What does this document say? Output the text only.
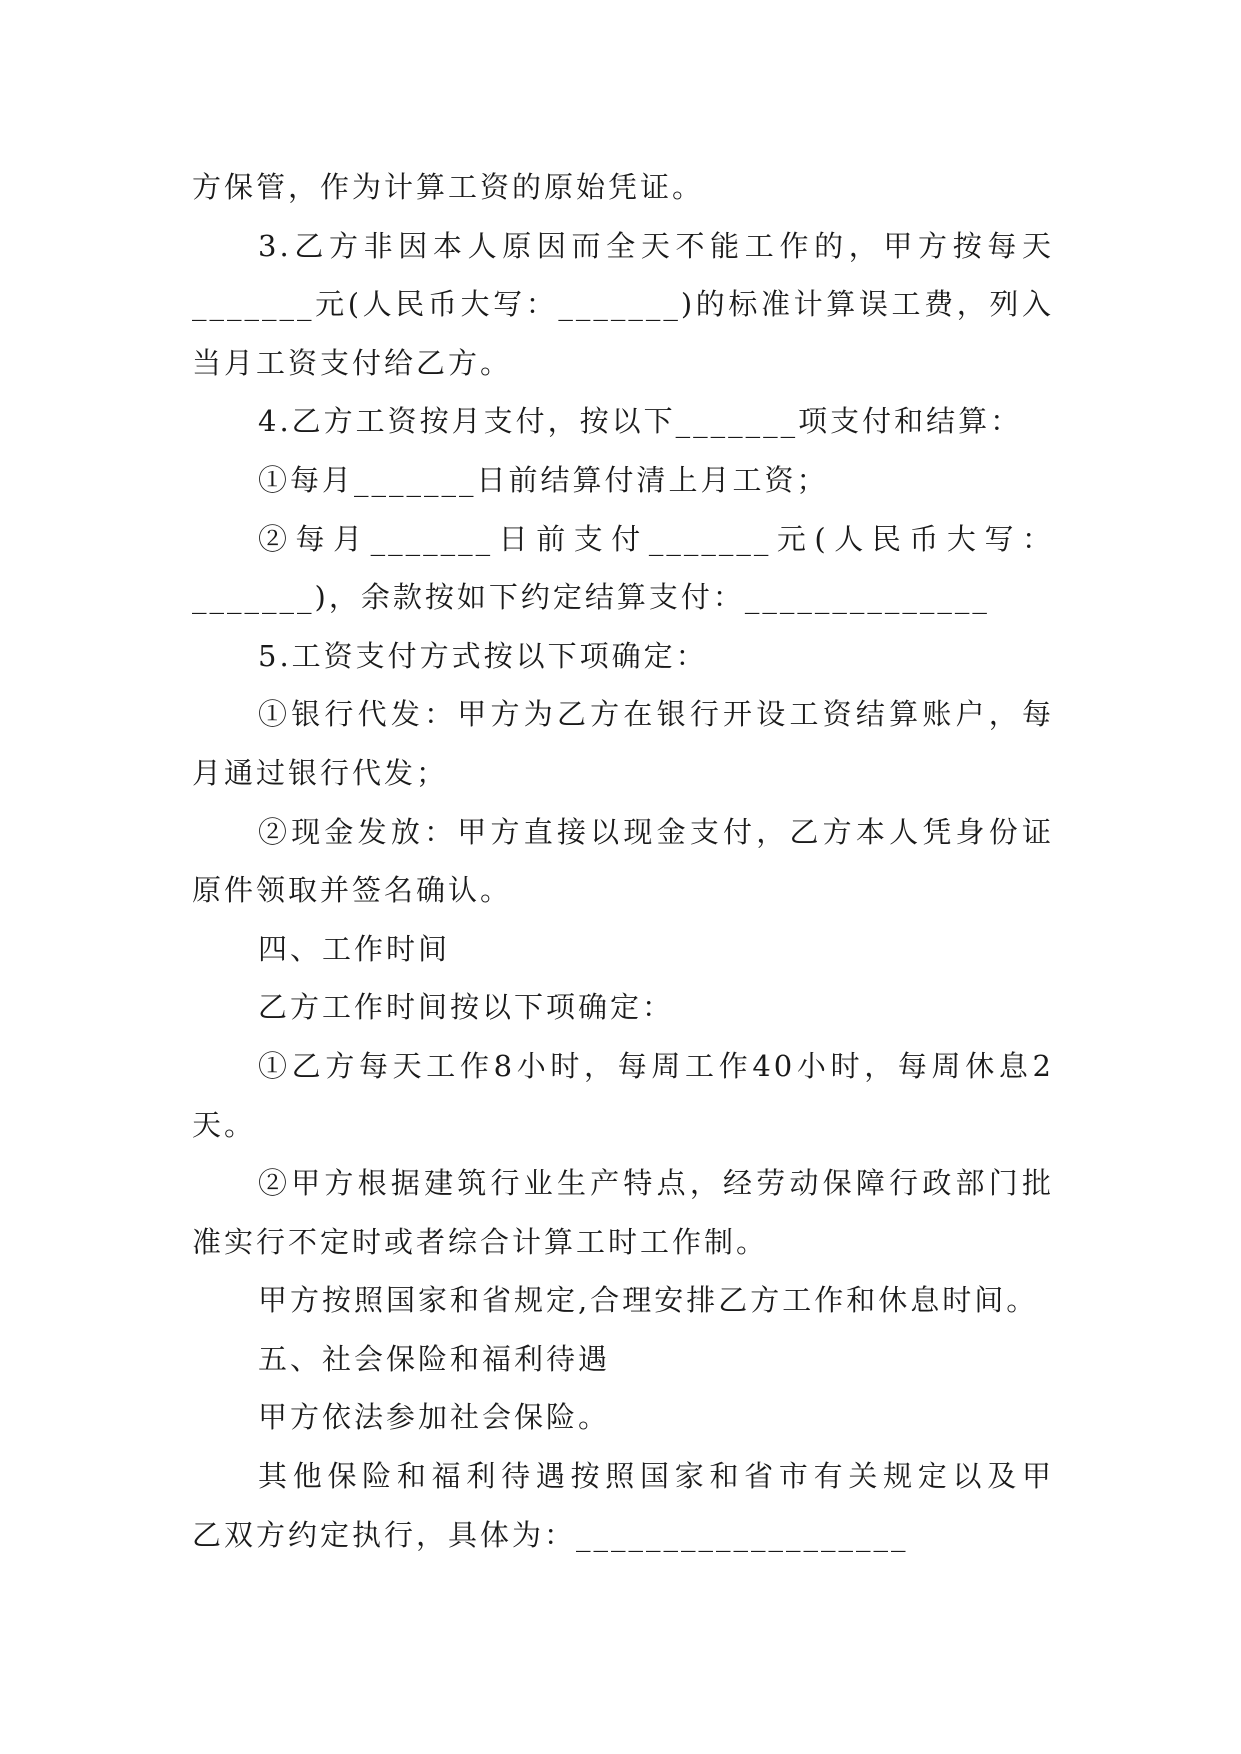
方保管，作为计算工资的原始凭证。
3.乙方非因本人原因而全天不能工作的，甲方按每天
_______元(人民币大写：_______)的标准计算误工费，列入
当月工资支付给乙方。
4.乙方工资按月支付，按以下_______项支付和结算：
①每月_______日前结算付清上月工资；
②每月_______日前支付_______元(人民币大写：
_______)，余款按如下约定结算支付：______________
5.工资支付方式按以下项确定：
①银行代发：甲方为乙方在银行开设工资结算账户，每
月通过银行代发；
②现金发放：甲方直接以现金支付，乙方本人凭身份证
原件领取并签名确认。
四、工作时间
乙方工作时间按以下项确定：
①乙方每天工作8小时，每周工作40小时，每周休息2
天。
②甲方根据建筑行业生产特点，经劳动保障行政部门批
准实行不定时或者综合计算工时工作制。
甲方按照国家和省规定,合理安排乙方工作和休息时间。
五、社会保险和福利待遇
甲方依法参加社会保险。
其他保险和福利待遇按照国家和省市有关规定以及甲
乙双方约定执行，具体为：___________________
